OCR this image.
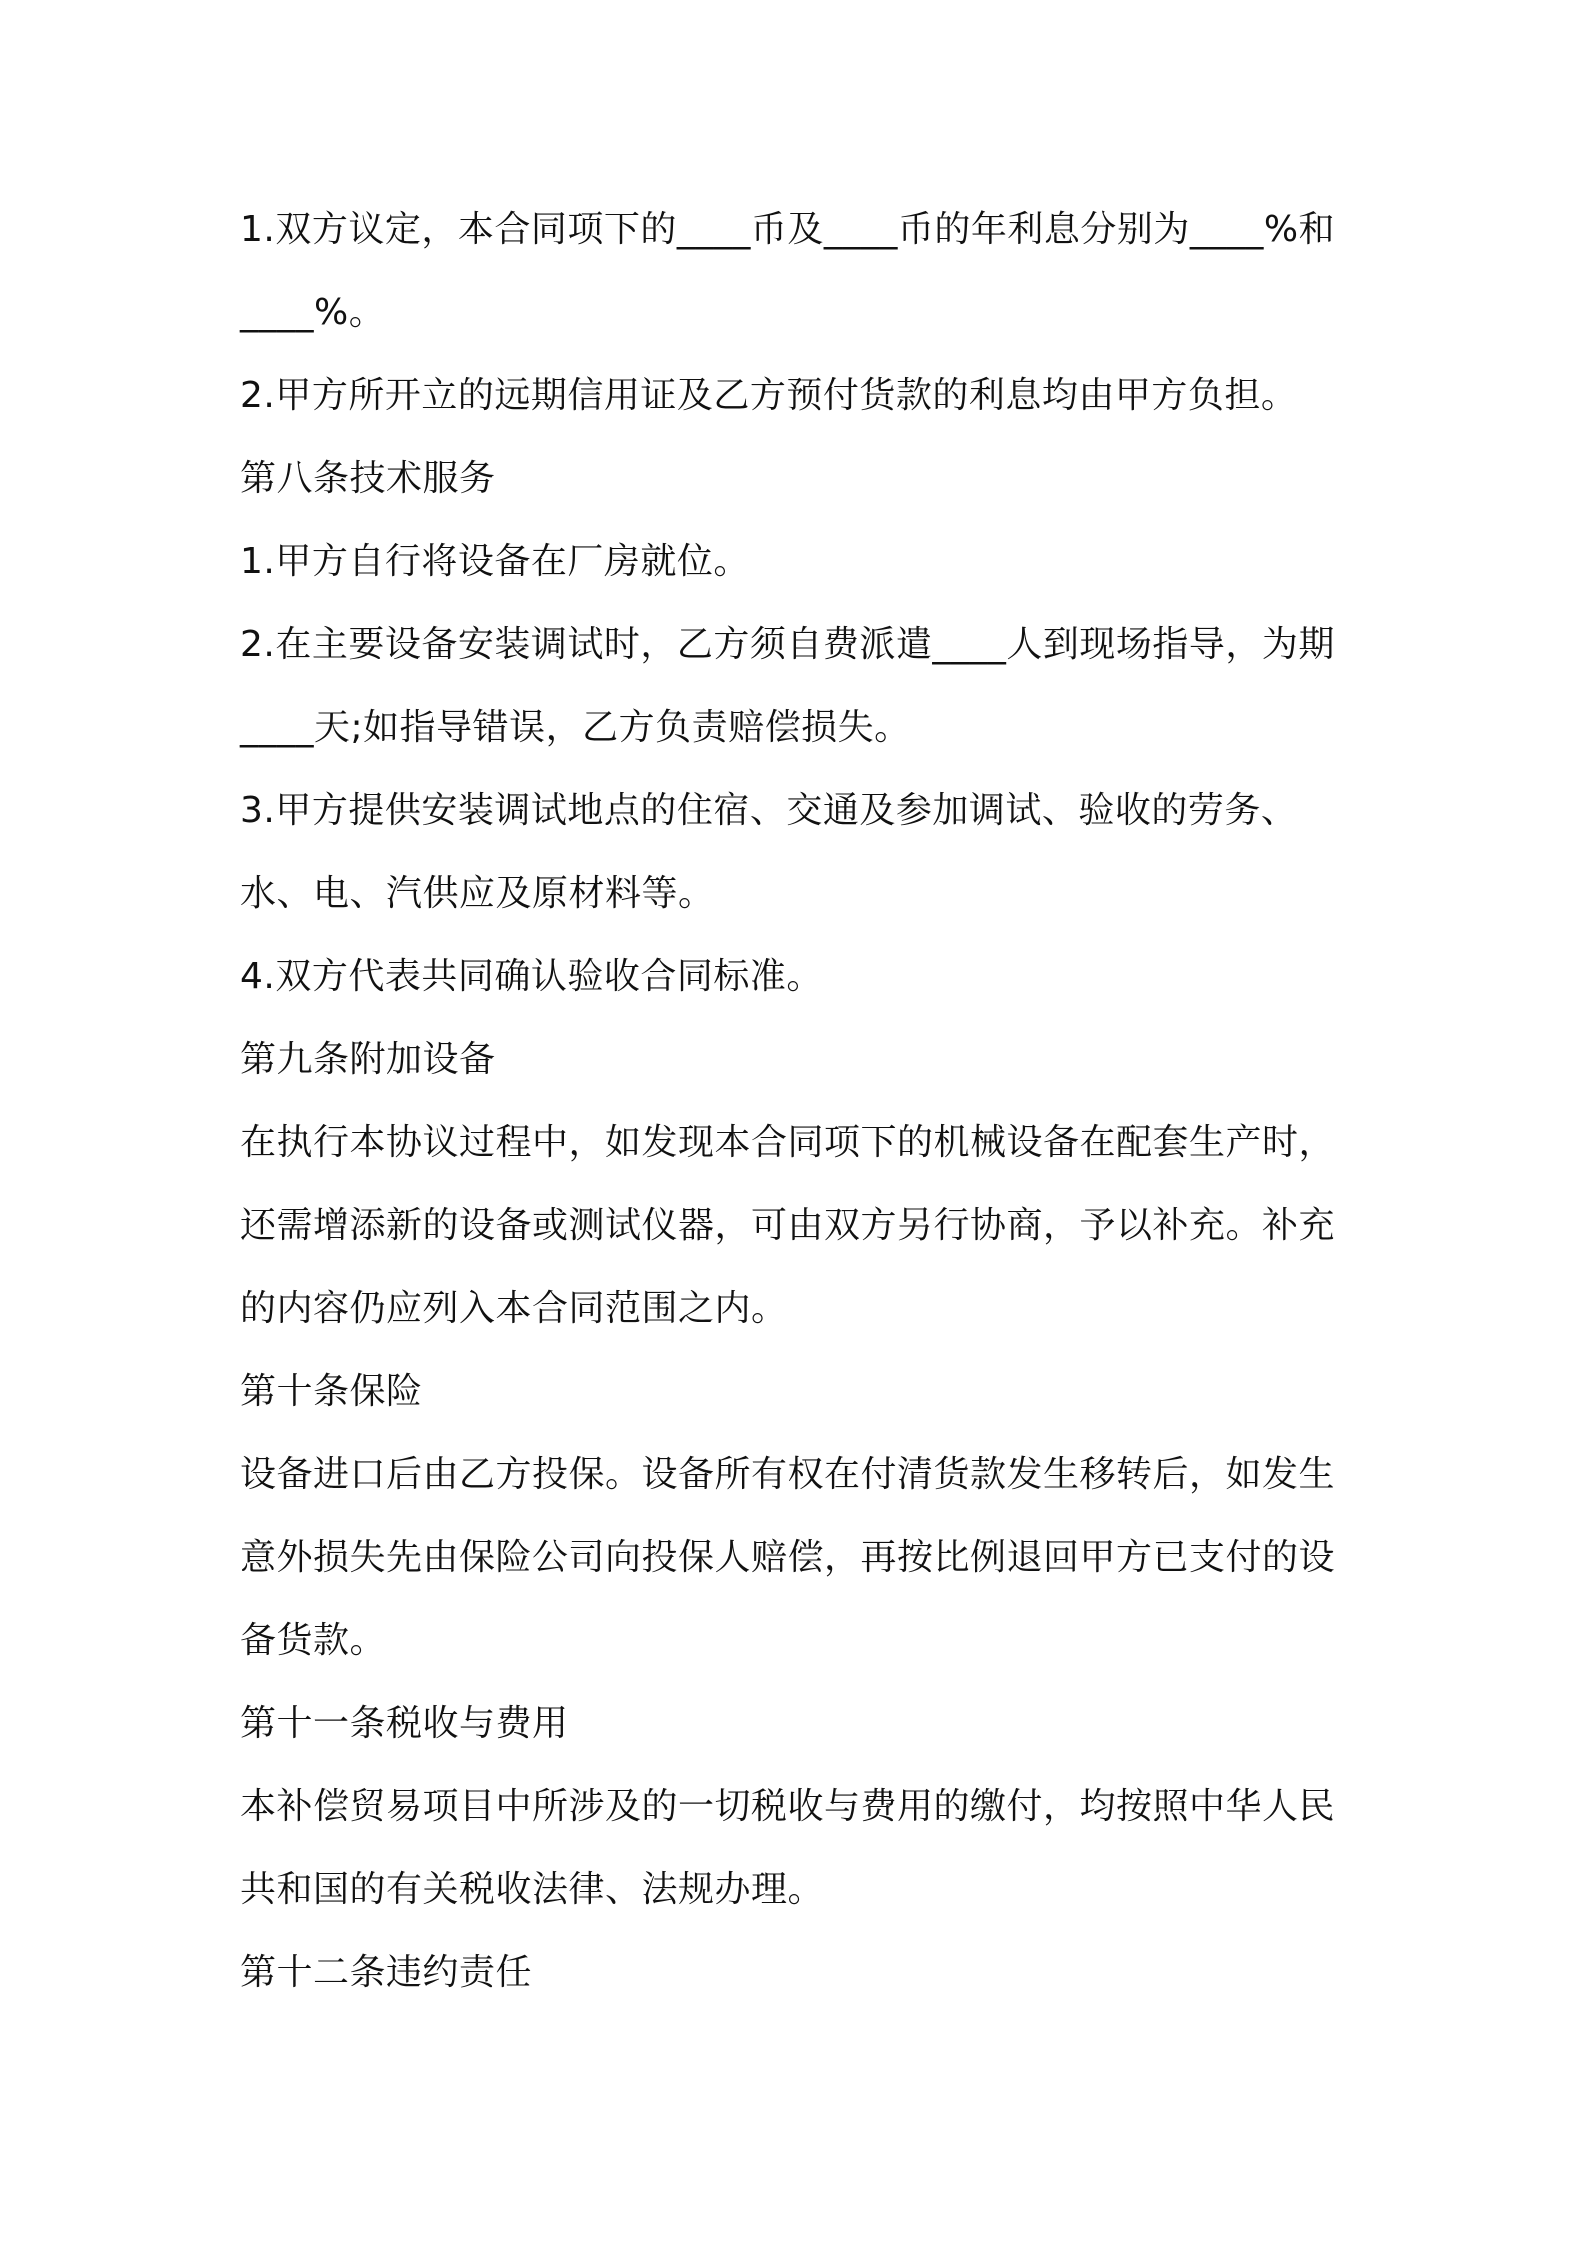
1.双方议定，本合同项下的____币及____币的年利息分别为____%和____%。

2.甲方所开立的远期信用证及乙方预付货款的利息均由甲方负担。

第八条技术服务

1.甲方自行将设备在厂房就位。

2.在主要设备安装调试时，乙方须自费派遣____人到现场指导，为期____天;如指导错误，乙方负责赔偿损失。

3.甲方提供安装调试地点的住宿、交通及参加调试、验收的劳务、水、电、汽供应及原材料等。

4.双方代表共同确认验收合同标准。

第九条附加设备

在执行本协议过程中，如发现本合同项下的机械设备在配套生产时，还需增添新的设备或测试仪器，可由双方另行协商，予以补充。补充的内容仍应列入本合同范围之内。

第十条保险

设备进口后由乙方投保。设备所有权在付清货款发生移转后，如发生意外损失先由保险公司向投保人赔偿，再按比例退回甲方已支付的设备货款。

第十一条税收与费用

本补偿贸易项目中所涉及的一切税收与费用的缴付，均按照中华人民共和国的有关税收法律、法规办理。

第十二条违约责任
